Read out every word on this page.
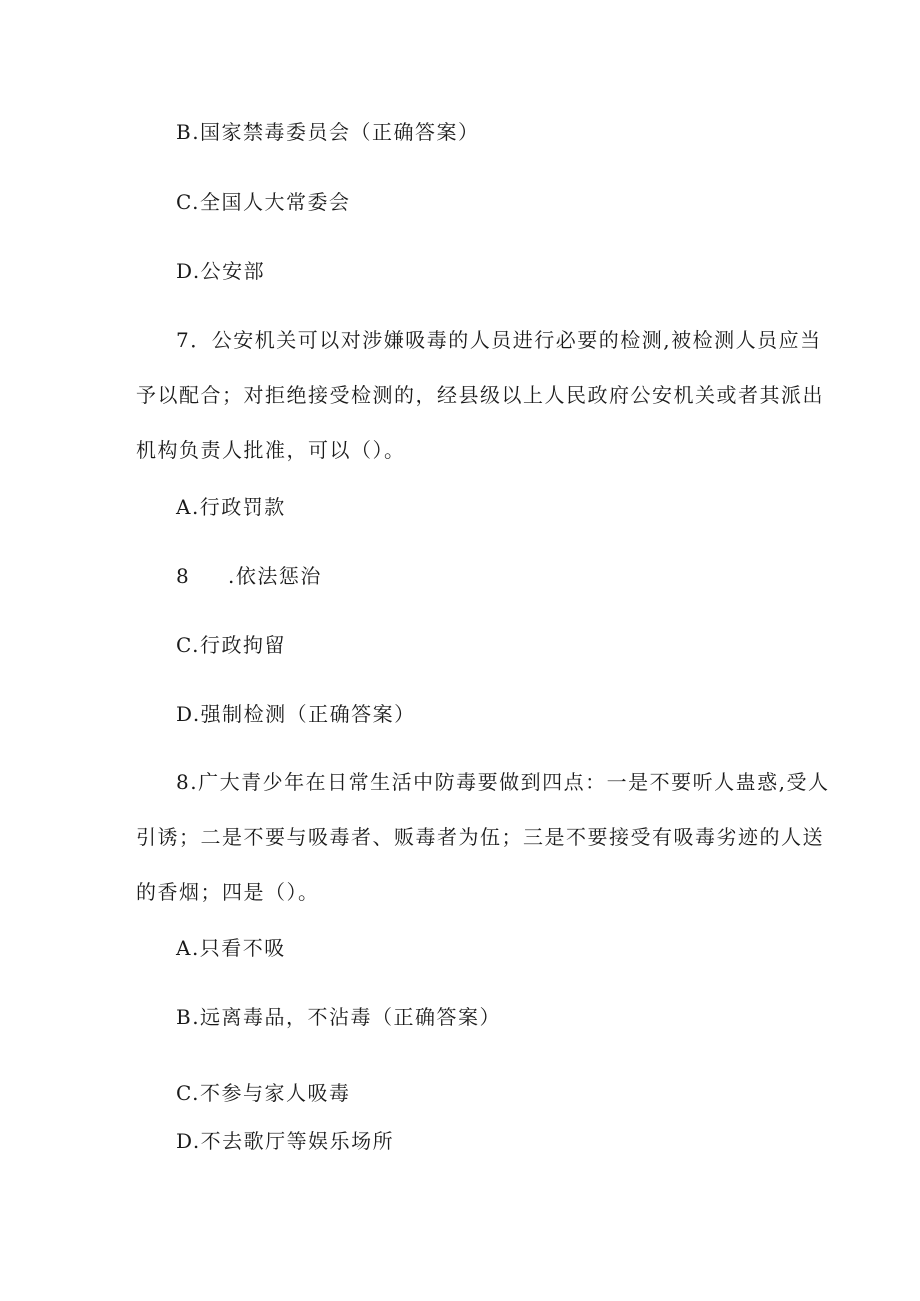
B.国家禁毒委员会（正确答案）
C.全国人大常委会
D.公安部
7．公安机关可以对涉嫌吸毒的人员进行必要的检测,被检测人员应当
予以配合；对拒绝接受检测的，经县级以上人民政府公安机关或者其派出
机构负责人批准，可以（）。
A.行政罚款
8 .依法惩治
C.行政拘留
D.强制检测（正确答案）
8.广大青少年在日常生活中防毒要做到四点：一是不要听人蛊惑,受人
引诱；二是不要与吸毒者、贩毒者为伍；三是不要接受有吸毒劣迹的人送
的香烟；四是（）。
A.只看不吸
B.远离毒品，不沾毒（正确答案）
C.不参与家人吸毒
D.不去歌厅等娱乐场所
